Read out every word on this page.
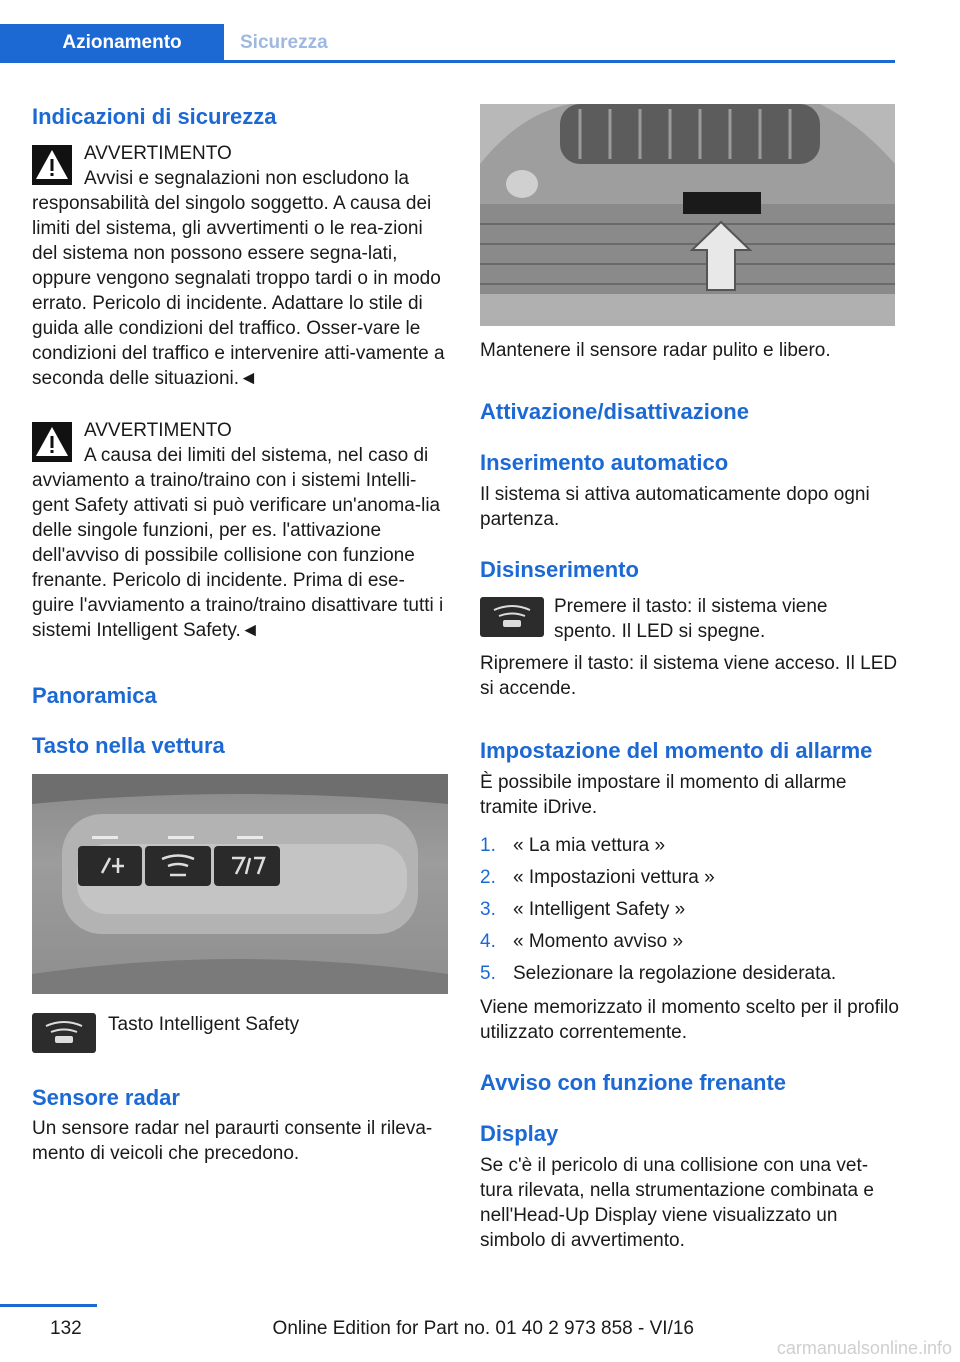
Azionamento	Sicurezza
Indicazioni di sicurezza
AVVERTIMENTO
Avvisi e segnalazioni non escludono la responsabilità del singolo soggetto. A causa dei limiti del sistema, gli avvertimenti o le rea‐zioni del sistema non possono essere segna‐lati, oppure vengono segnalati troppo tardi o in modo errato. Pericolo di incidente. Adattare lo stile di guida alle condizioni del traffico. Osser‐vare le condizioni del traffico e intervenire atti‐vamente a seconda delle situazioni.◄
AVVERTIMENTO
A causa dei limiti del sistema, nel caso di avviamento a traino/traino con i sistemi Intelli‐gent Safety attivati si può verificare un'anoma‐lia delle singole funzioni, per es. l'attivazione dell'avviso di possibile collisione con funzione frenante. Pericolo di incidente. Prima di ese‐guire l'avviamento a traino/traino disattivare tutti i sistemi Intelligent Safety.◄
Panoramica
Tasto nella vettura

Tasto Intelligent Safety

Sensore radar

Un sensore radar nel paraurti consente il rileva‐mento di veicoli che precedono.

Mantenere il sensore radar pulito e libero.

Attivazione/disattivazione
Inserimento automatico

Il sistema si attiva automaticamente dopo ogni partenza.

Disinserimento

Premere il tasto: il sistema viene spento. Il LED si spegne.

Ripremere il tasto: il sistema viene acceso. Il LED si accende.

Impostazione del momento di allarme

È possibile impostare il momento di allarme tramite iDrive.

1. « La mia vettura »
2. « Impostazioni vettura »
3. « Intelligent Safety »
4. « Momento avviso »
5. Selezionare la regolazione desiderata.

Viene memorizzato il momento scelto per il profilo utilizzato correntemente.

Avviso con funzione frenante
Display

Se c'è il pericolo di una collisione con una vet‐tura rilevata, nella strumentazione combinata e nell'Head-Up Display viene visualizzato un simbolo di avvertimento.

132	Online Edition for Part no. 01 40 2 973 858 - VI/16
carmanualsonline.info
